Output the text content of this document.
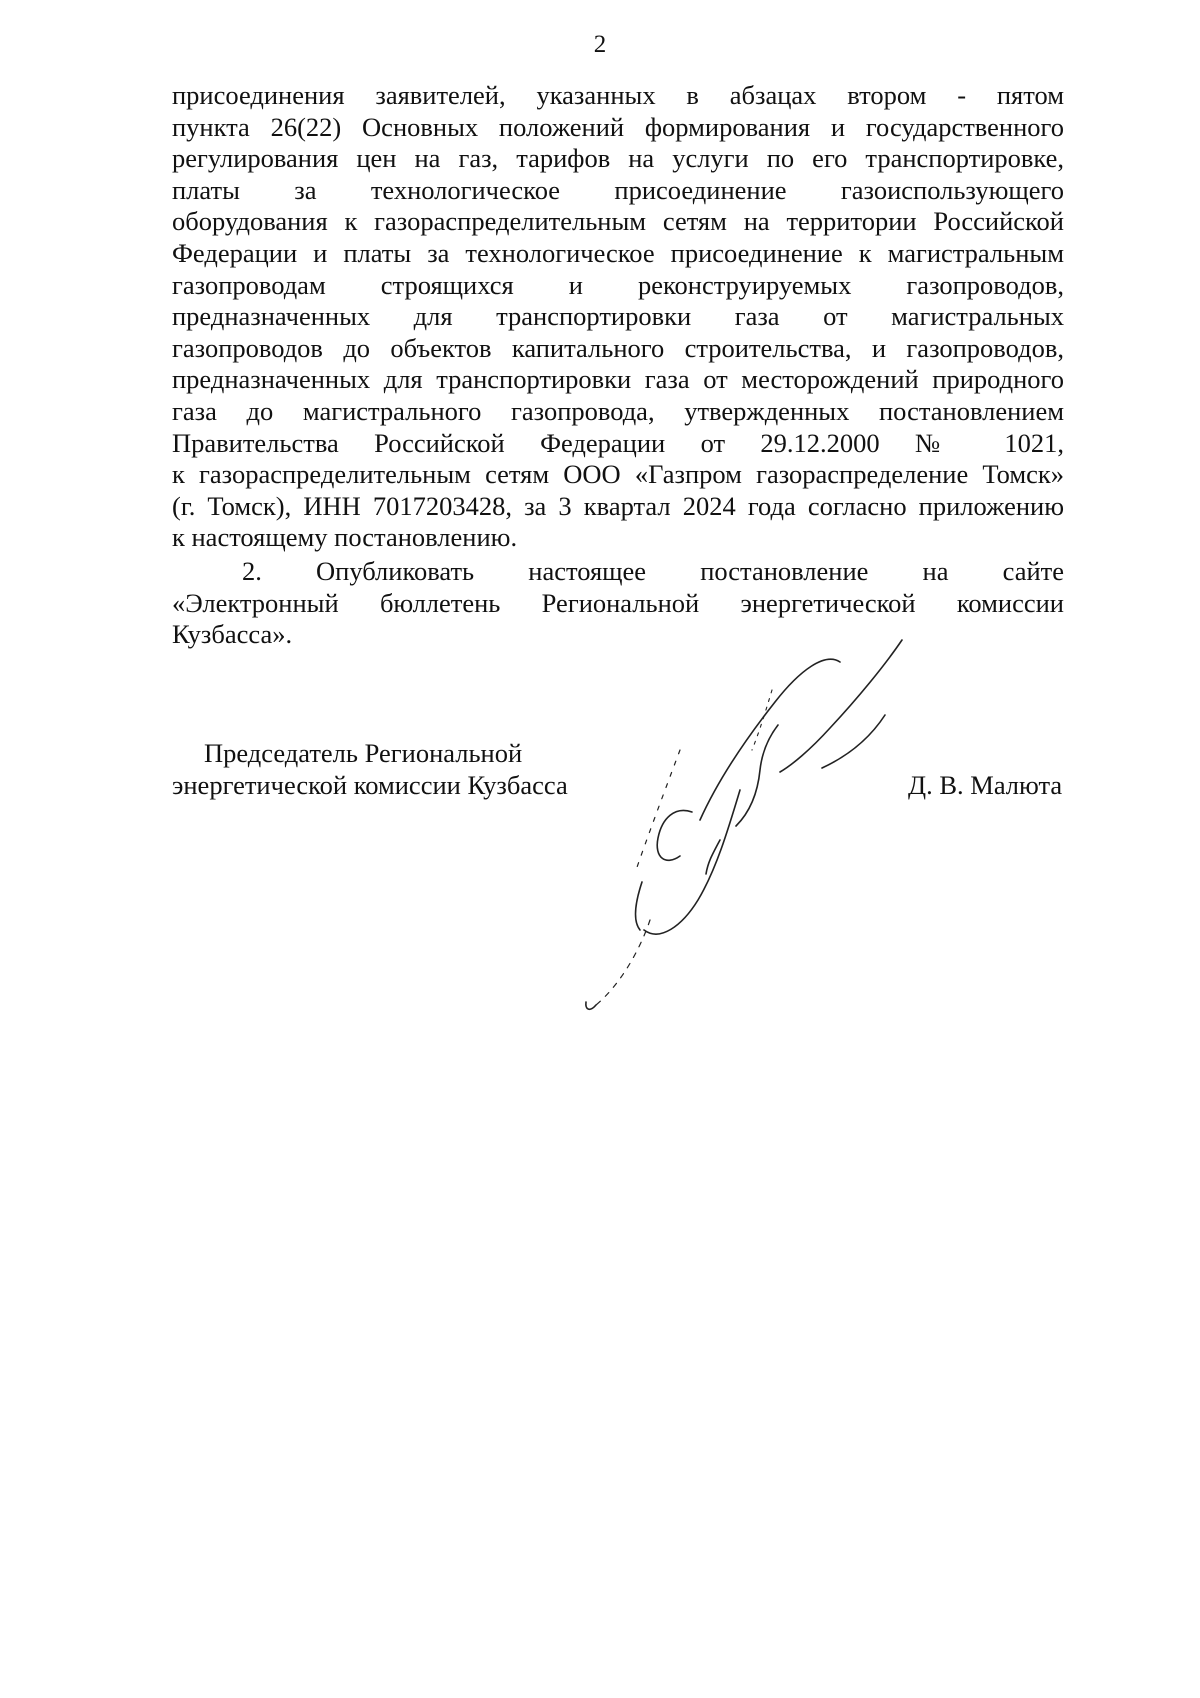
2
присоединения заявителей, указанных в абзацах втором - пятом
пункта 26(22) Основных положений формирования и государственного
регулирования цен на газ, тарифов на услуги по его транспортировке,
платы за технологическое присоединение газоиспользующего
оборудования к газораспределительным сетям на территории Российской
Федерации и платы за технологическое присоединение к магистральным
газопроводам строящихся и реконструируемых газопроводов,
предназначенных для транспортировки газа от магистральных
газопроводов до объектов капитального строительства, и газопроводов,
предназначенных для транспортировки газа от месторождений природного
газа до магистрального газопровода, утвержденных постановлением
Правительства Российской Федерации от 29.12.2000 № 1021,
к газораспределительным сетям ООО «Газпром газораспределение Томск»
(г. Томск), ИНН 7017203428, за 3 квартал 2024 года согласно приложению
к настоящему постановлению.
2. Опубликовать настоящее постановление на сайте
«Электронный бюллетень Региональной энергетической комиссии
Кузбасса».
Председатель Региональной
энергетической комиссии Кузбасса	Д. В. Малюта
